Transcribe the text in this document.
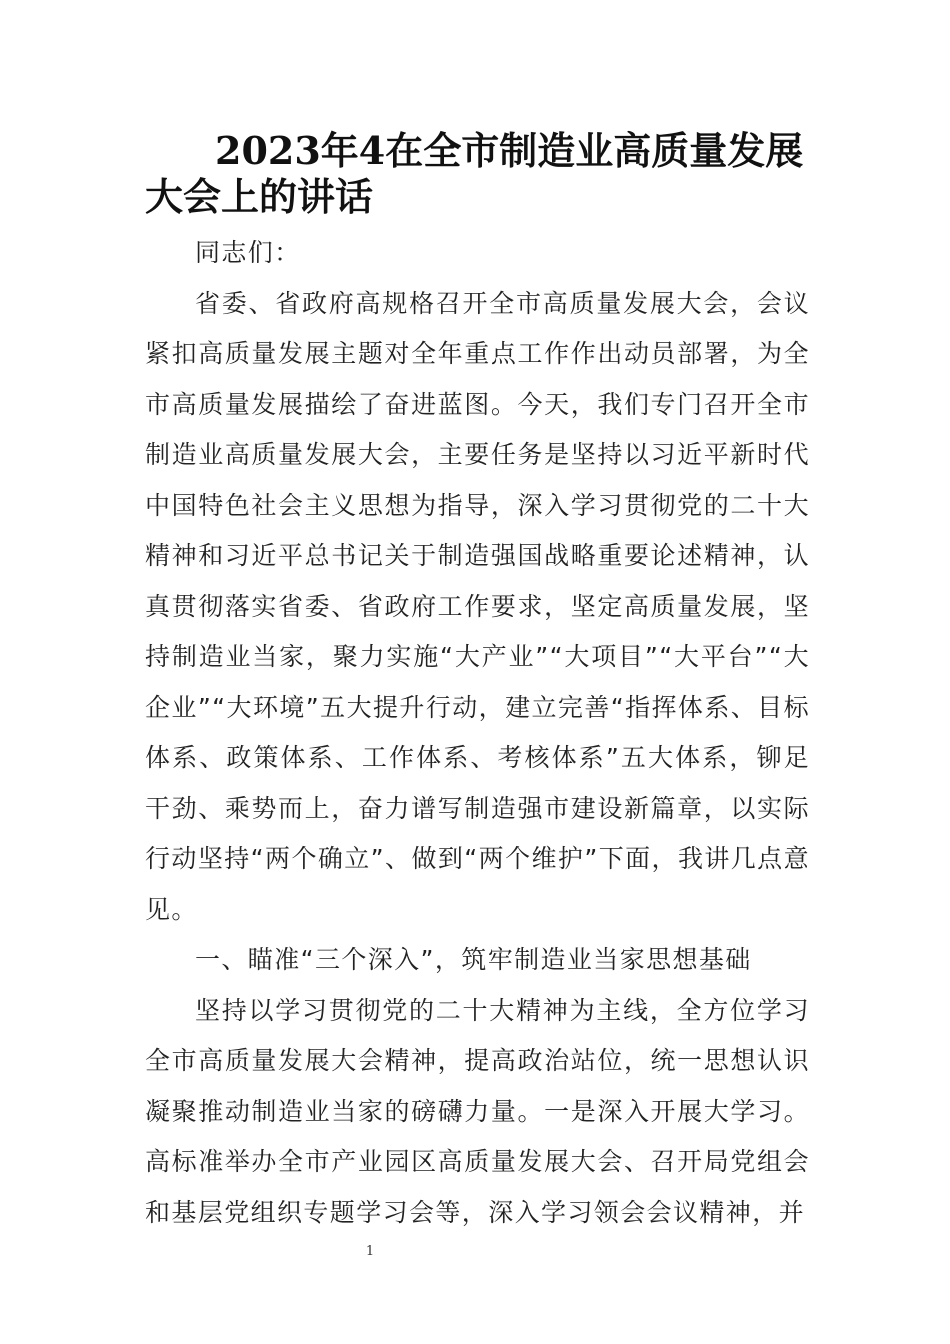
2023年4在全市制造业高质量发展大会上的讲话

同志们：

省委、省政府高规格召开全市高质量发展大会，会议紧扣高质量发展主题对全年重点工作作出动员部署，为全市高质量发展描绘了奋进蓝图。今天，我们专门召开全市制造业高质量发展大会，主要任务是坚持以习近平新时代中国特色社会主义思想为指导，深入学习贯彻党的二十大精神和习近平总书记关于制造强国战略重要论述精神，认真贯彻落实省委、省政府工作要求，坚定高质量发展，坚持制造业当家，聚力实施“大产业”“大项目”“大平台”“大企业”“大环境”五大提升行动，建立完善“指挥体系、目标体系、政策体系、工作体系、考核体系”五大体系，铆足干劲、乘势而上，奋力谱写制造强市建设新篇章，以实际行动坚持“两个确立”、做到“两个维护”下面，我讲几点意见。

一、瞄准“三个深入”，筑牢制造业当家思想基础

坚持以学习贯彻党的二十大精神为主线，全方位学习全市高质量发展大会精神，提高政治站位，统一思想认识凝聚推动制造业当家的磅礴力量。一是深入开展大学习。高标准举办全市产业园区高质量发展大会、召开局党组会和基层党组织专题学习会等，深入学习领会会议精神，并

1
